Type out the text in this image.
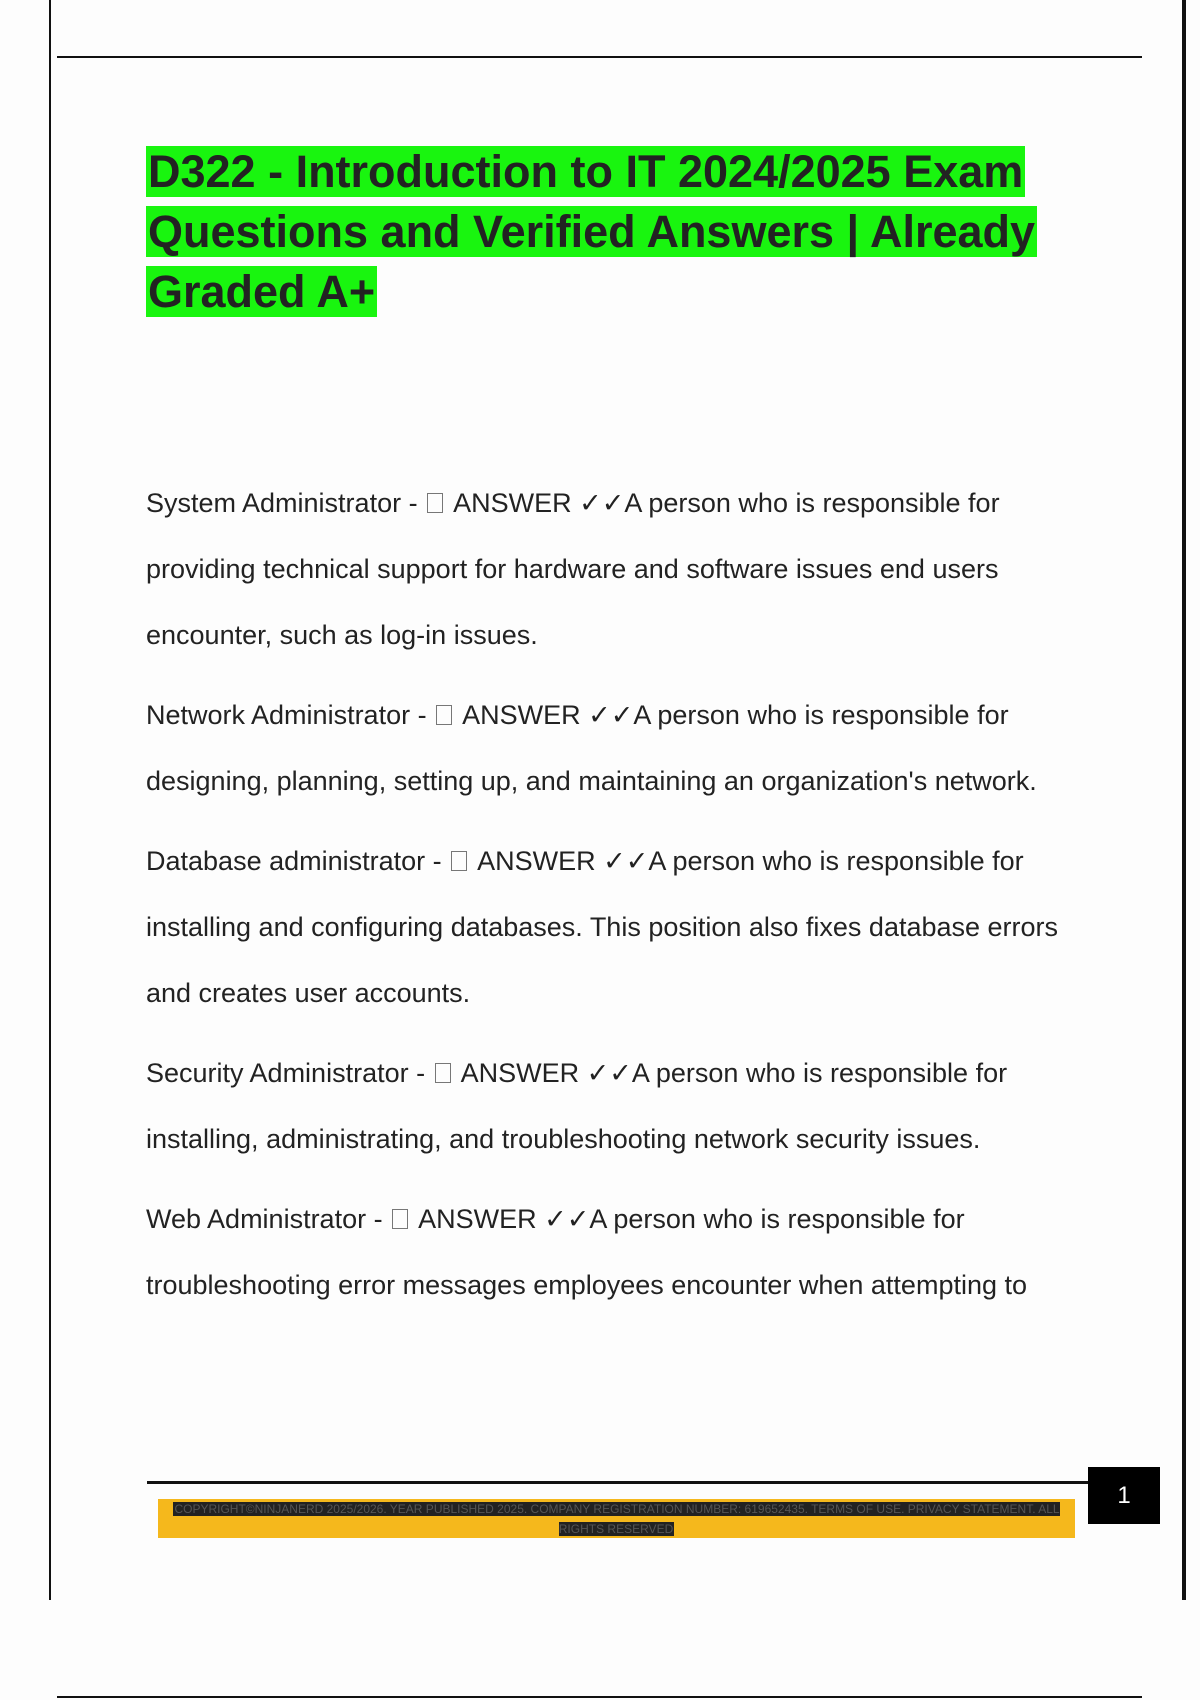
D322 - Introduction to IT 2024/2025 Exam Questions and Verified Answers | Already Graded A+

System Administrator -  ANSWER ✓✓A person who is responsible for providing technical support for hardware and software issues end users encounter, such as log-in issues.

Network Administrator -  ANSWER ✓✓A person who is responsible for designing, planning, setting up, and maintaining an organization's network.

Database administrator -  ANSWER ✓✓A person who is responsible for installing and configuring databases. This position also fixes database errors and creates user accounts.

Security Administrator -  ANSWER ✓✓A person who is responsible for installing, administrating, and troubleshooting network security issues.

Web Administrator -  ANSWER ✓✓A person who is responsible for troubleshooting error messages employees encounter when attempting to

1
COPYRIGHT©NINJANERD 2025/2026. YEAR PUBLISHED 2025. COMPANY REGISTRATION NUMBER: 619652435. TERMS OF USE. PRIVACY STATEMENT. ALL RIGHTS RESERVED
